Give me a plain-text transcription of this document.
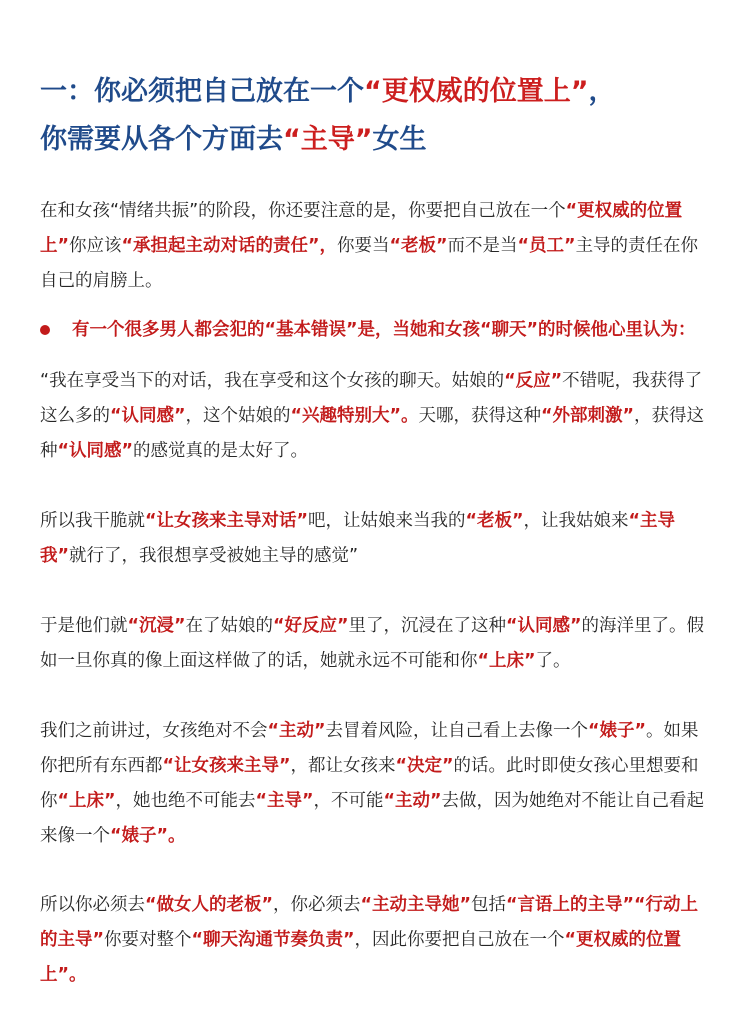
一：你必须把自己放在一个“更权威的位置上”，
你需要从各个方面去“主导”女生

在和女孩“情绪共振”的阶段，你还要注意的是，你要把自己放在一个“更权威的位置上”你应该“承担起主动对话的责任”，你要当“老板”而不是当“员工”主导的责任在你自己的肩膀上。

有一个很多男人都会犯的“基本错误”是，当她和女孩“聊天”的时候他心里认为：

“我在享受当下的对话，我在享受和这个女孩的聊天。姑娘的“反应”不错呢，我获得了这么多的“认同感”，这个姑娘的“兴趣特别大”。天哪，获得这种“外部刺激”，获得这种“认同感”的感觉真的是太好了。

所以我干脆就“让女孩来主导对话”吧，让姑娘来当我的“老板”，让我姑娘来“主导我”就行了，我很想享受被她主导的感觉”

于是他们就“沉浸”在了姑娘的“好反应”里了，沉浸在了这种“认同感”的海洋里了。假如一旦你真的像上面这样做了的话，她就永远不可能和你“上床”了。

我们之前讲过，女孩绝对不会“主动”去冒着风险，让自己看上去像一个“婊子”。如果你把所有东西都“让女孩来主导”，都让女孩来“决定”的话。此时即使女孩心里想要和你“上床”，她也绝不可能去“主导”，不可能“主动”去做，因为她绝对不能让自己看起来像一个“婊子”。

所以你必须去“做女人的老板”，你必须去“主动主导她”包括“言语上的主导”“行动上的主导”你要对整个“聊天沟通节奏负责”，因此你要把自己放在一个“更权威的位置上”。
